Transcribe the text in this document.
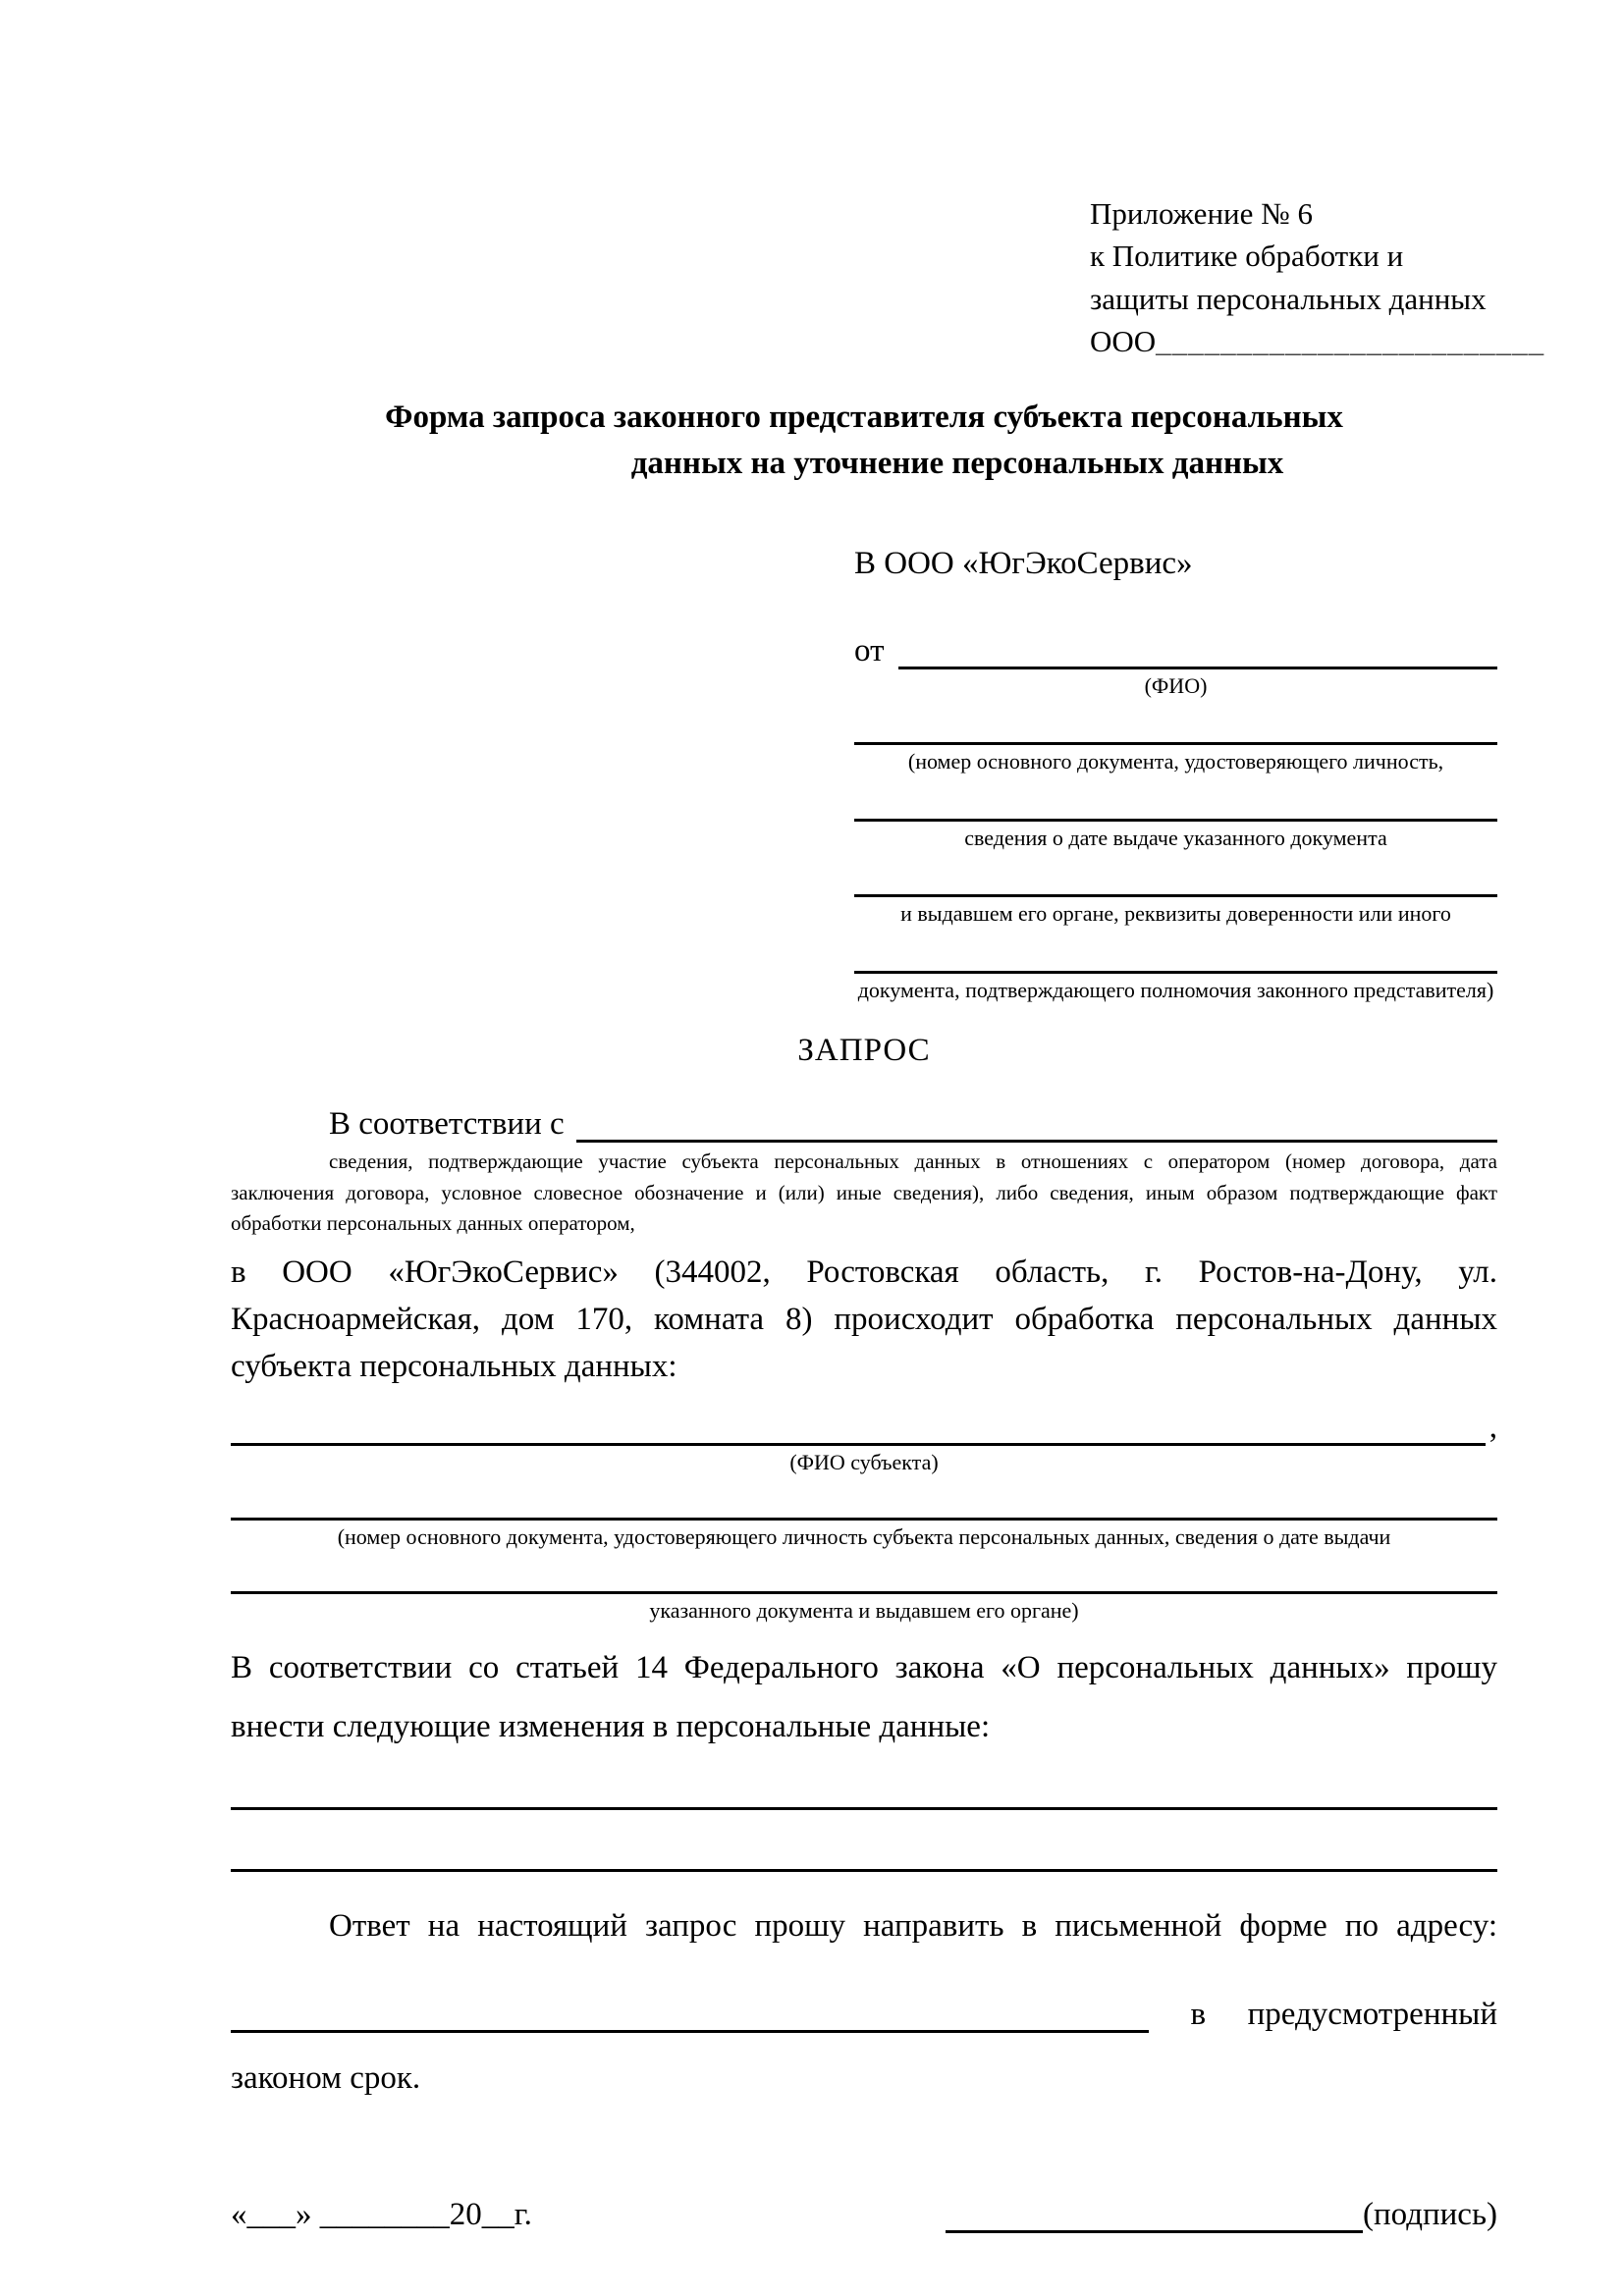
Приложение № 6
к Политике обработки и
защиты персональных данных
ООО________________________
Форма запроса законного представителя субъекта персональных
данных на уточнение персональных данных
В ООО «ЮгЭкоСервис»
от
(ФИО)
(номер основного документа, удостоверяющего личность,
сведения о дате выдаче указанного документа
и выдавшем его органе, реквизиты доверенности или иного
документа, подтверждающего полномочия законного представителя)
ЗАПРОС
В соответствии с
сведения, подтверждающие участие субъекта персональных данных в отношениях с оператором (номер договора, дата
заключения договора, условное словесное обозначение и (или) иные сведения), либо сведения, иным образом подтверждающие факт
обработки персональных данных оператором,
в ООО «ЮгЭкоСервис» (344002, Ростовская область, г. Ростов-на-Дону, ул.
Красноармейская, дом 170, комната 8) происходит обработка персональных данных
субъекта персональных данных:
,
(ФИО субъекта)
(номер основного документа, удостоверяющего личность субъекта персональных данных, сведения о дате выдачи
указанного документа и выдавшем его органе)
В соответствии со статьей 14 Федерального закона «О персональных данных» прошу
внести следующие изменения в персональные данные:

Ответ на настоящий запрос прошу направить в письменной форме по адресу:

в предусмотренный
законом срок.
«___» ________20__г.	(подпись)
